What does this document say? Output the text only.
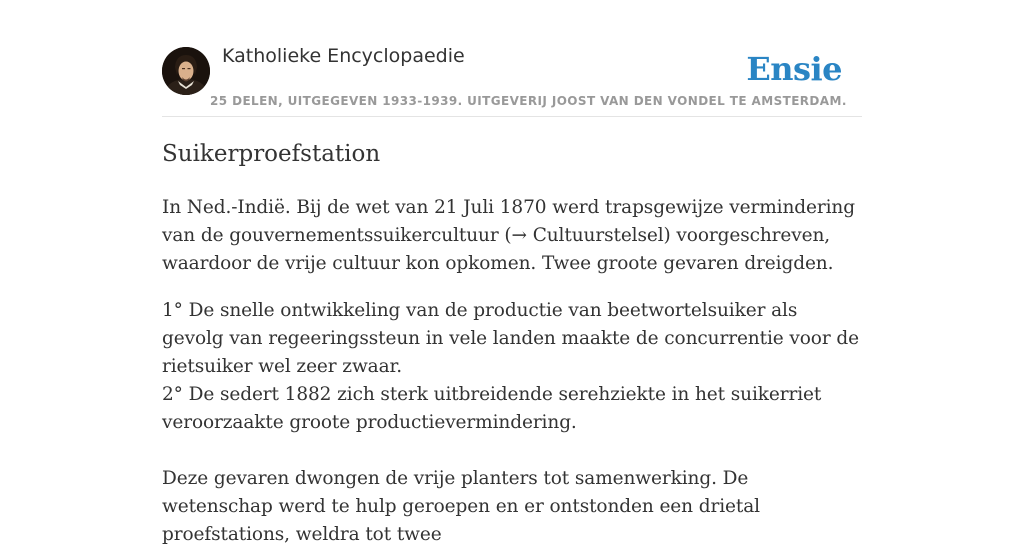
Katholieke Encyclopaedie
25 DELEN, UITGEGEVEN 1933-1939. UITGEVERIJ JOOST VAN DEN VONDEL TE AMSTERDAM.
Ensie
Suikerproefstation

In Ned.-Indië. Bij de wet van 21 Juli 1870 werd trapsgewijze vermindering van de gouvernementssuikercultuur (→ Cultuurstelsel) voorgeschreven, waardoor de vrije cultuur kon opkomen. Twee groote gevaren dreigden.

1° De snelle ontwikkeling van de productie van beetwortelsuiker als gevolg van regeeringssteun in vele landen maakte de concurrentie voor de rietsuiker wel zeer zwaar.

2° De sedert 1882 zich sterk uitbreidende serehziekte in het suikerriet veroorzaakte groote productievermindering.

Deze gevaren dwongen de vrije planters tot samenwerking. De wetenschap werd te hulp geroepen en er ontstonden een drietal proefstations, weldra tot twee
